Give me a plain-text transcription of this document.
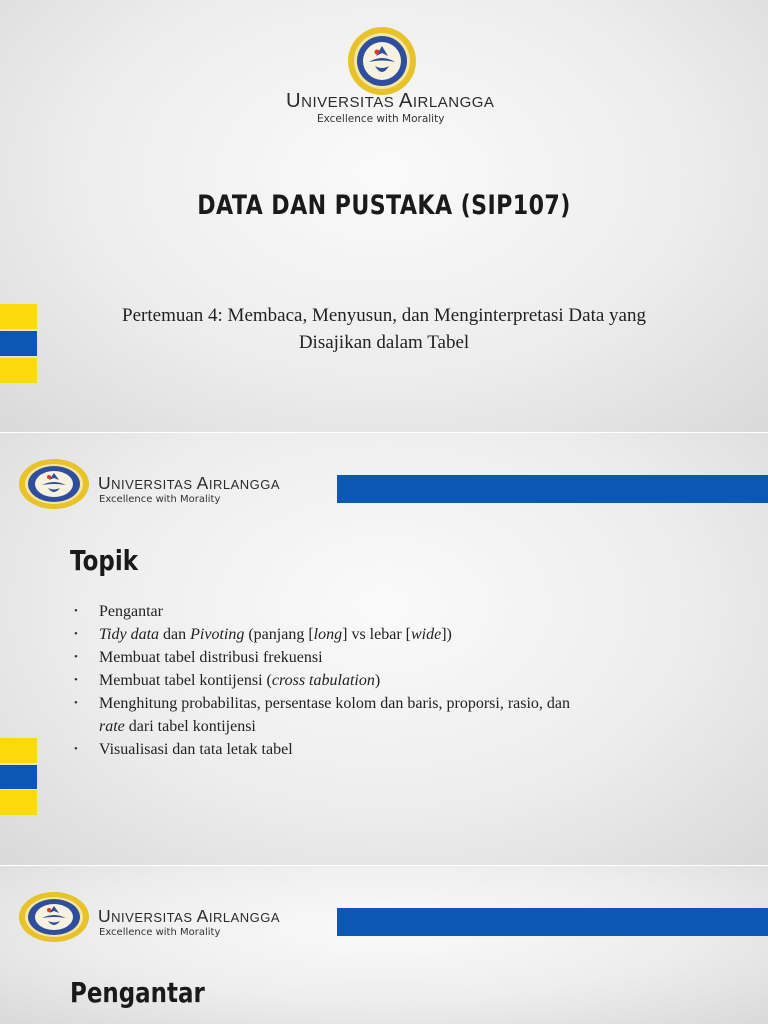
UNIVERSITAS AIRLANGGA
Excellence with Morality
DATA DAN PUSTAKA (SIP107)
Pertemuan 4: Membaca, Menyusun, dan Menginterpretasi Data yang
Disajikan dalam Tabel
UNIVERSITAS AIRLANGGA
Excellence with Morality
Topik
• Pengantar
• Tidy data dan Pivoting (panjang [long] vs lebar [wide])
• Membuat tabel distribusi frekuensi
• Membuat tabel kontijensi (cross tabulation)
• Menghitung probabilitas, persentase kolom dan baris, proporsi, rasio, dan
rate dari tabel kontijensi
• Visualisasi dan tata letak tabel
UNIVERSITAS AIRLANGGA
Excellence with Morality
Pengantar
